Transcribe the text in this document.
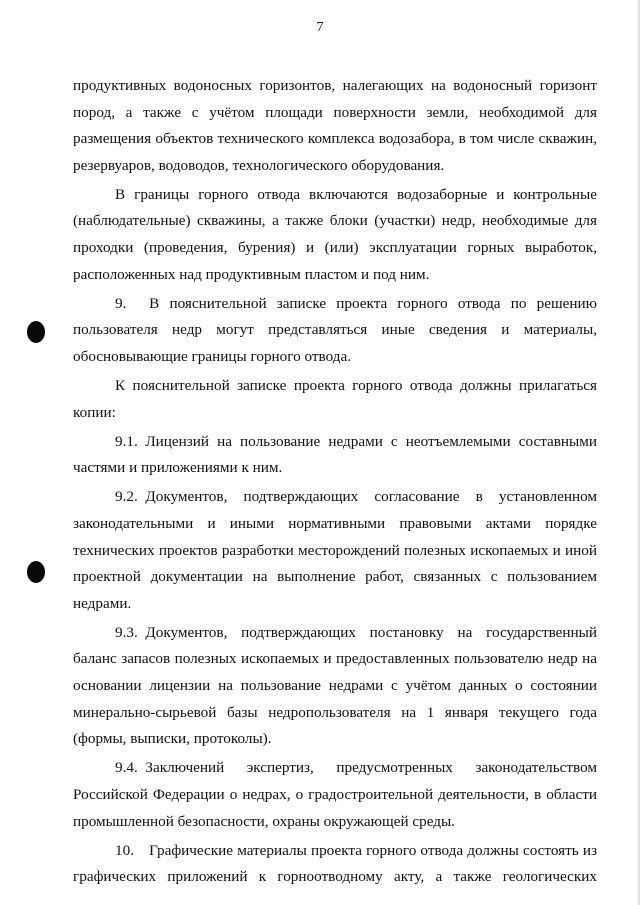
7

продуктивных водоносных горизонтов, налегающих на водоносный горизонт пород, а также с учётом площади поверхности земли, необходимой для размещения объектов технического комплекса водозабора, в том числе скважин, резервуаров, водоводов, технологического оборудования.

В границы горного отвода включаются водозаборные и контрольные (наблюдательные) скважины, а также блоки (участки) недр, необходимые для проходки (проведения, бурения) и (или) эксплуатации горных выработок, расположенных над продуктивным пластом и под ним.

9.  В пояснительной записке проекта горного отвода по решению пользователя недр могут представляться иные сведения и материалы, обосновывающие границы горного отвода.

К пояснительной записке проекта горного отвода должны прилагаться копии:

9.1. Лицензий на пользование недрами с неотъемлемыми составными частями и приложениями к ним.

9.2. Документов, подтверждающих согласование в установленном законодательными и иными нормативными правовыми актами порядке технических проектов разработки месторождений полезных ископаемых и иной проектной документации на выполнение работ, связанных с пользованием недрами.

9.3. Документов, подтверждающих постановку на государственный баланс запасов полезных ископаемых и предоставленных пользователю недр на основании лицензии на пользование недрами с учётом данных о состоянии минерально-сырьевой базы недропользователя на 1 января текущего года (формы, выписки, протоколы).

9.4. Заключений экспертиз, предусмотренных законодательством Российской Федерации о недрах, о градостроительной деятельности, в области промышленной безопасности, охраны окружающей среды.

10.  Графические материалы проекта горного отвода должны состоять из графических приложений к горноотводному акту, а также геологических
